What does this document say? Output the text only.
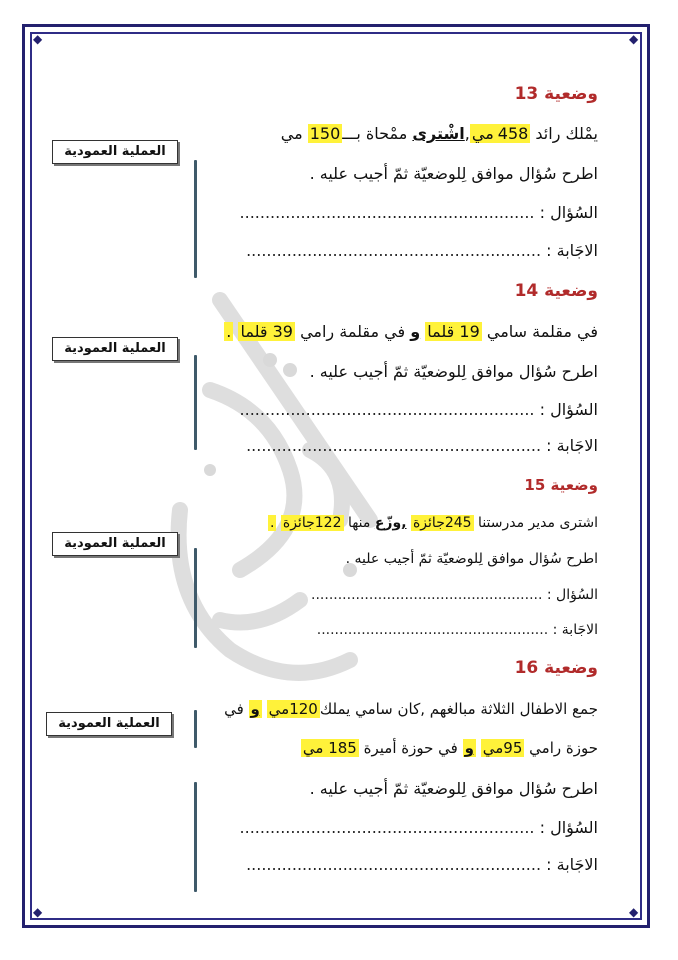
◆	◆
◆	◆
العملية العمودية
العملية العمودية
العملية العمودية
العملية العمودية
وضعية 13
يمْلك رائد 458مي,اشْترى ممْحاة بـــ150 مي
اطرح سُؤال موافق لِلوضعيّة ثمّ أجيب عليه .
السُؤال : ..........................................................
الاجَابة : ..........................................................
وضعية 14
في مقلمة سامي 19 قلما و في مقلمة رامي 39 قلما .
اطرح سُؤال موافق لِلوضعيّة ثمّ أجيب عليه .
السُؤال : ..........................................................
الاجَابة : ..........................................................
وضعية 15
اشترى مدير مدرستنا 245جائزة ,وزّع منها 122جائزة .
اطرح سُؤال موافق لِلوضعيّة ثمّ أجيب عليه .
السُؤال : ....................................................
الاجَابة : ....................................................
وضعية 16
جمع الاطفال الثلاثة مبالغهم ,كان سامي يملك120مي و في
حوزة رامي 95مي و في حوزة أميرة 185 مي
اطرح سُؤال موافق لِلوضعيّة ثمّ أجيب عليه .
السُؤال : ..........................................................
الاجَابة : ..........................................................
